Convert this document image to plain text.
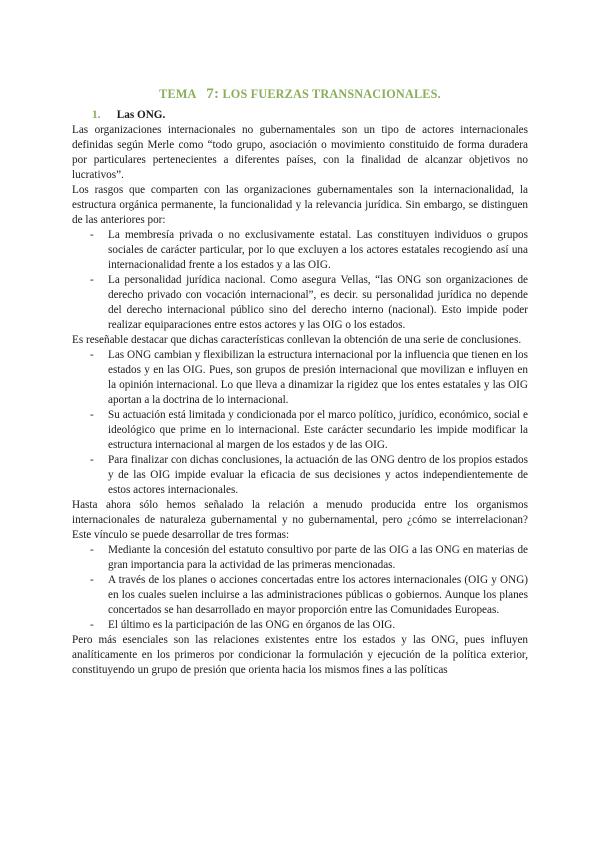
TEMA 7: LOS FUERZAS TRANSNACIONALES.
1. Las ONG.

Las organizaciones internacionales no gubernamentales son un tipo de actores internacionales definidas según Merle como “todo grupo, asociación o movimiento constituido de forma duradera por particulares pertenecientes a diferentes países, con la finalidad de alcanzar objetivos no lucrativos”.

Los rasgos que comparten con las organizaciones gubernamentales son la internacionalidad, la estructura orgánica permanente, la funcionalidad y la relevancia jurídica. Sin embargo, se distinguen de las anteriores por:

- La membresía privada o no exclusivamente estatal. Las constituyen individuos o grupos sociales de carácter particular, por lo que excluyen a los actores estatales recogiendo así una internacionalidad frente a los estados y a las OIG.
- La personalidad jurídica nacional. Como asegura Vellas, “las ONG son organizaciones de derecho privado con vocación internacional”, es decir. su personalidad jurídica no depende del derecho internacional público sino del derecho interno (nacional). Esto impide poder realizar equiparaciones entre estos actores y las OIG o los estados.

Es reseñable destacar que dichas características conllevan la obtención de una serie de conclusiones.

- Las ONG cambian y flexibilizan la estructura internacional por la influencia que tienen en los estados y en las OIG. Pues, son grupos de presión internacional que movilizan e influyen en la opinión internacional. Lo que lleva a dinamizar la rigidez que los entes estatales y las OIG aportan a la doctrina de lo internacional.
- Su actuación está limitada y condicionada por el marco político, jurídico, económico, social e ideológico que prime en lo internacional. Este carácter secundario les impide modificar la estructura internacional al margen de los estados y de las OIG.
- Para finalizar con dichas conclusiones, la actuación de las ONG dentro de los propios estados y de las OIG impide evaluar la eficacia de sus decisiones y actos independientemente de estos actores internacionales.

Hasta ahora sólo hemos señalado la relación a menudo producida entre los organismos internacionales de naturaleza gubernamental y no gubernamental, pero ¿cómo se interrelacionan? Este vínculo se puede desarrollar de tres formas:

- Mediante la concesión del estatuto consultivo por parte de las OIG a las ONG en materias de gran importancia para la actividad de las primeras mencionadas.
- A través de los planes o acciones concertadas entre los actores internacionales (OIG y ONG) en los cuales suelen incluirse a las administraciones públicas o gobiernos. Aunque los planes concertados se han desarrollado en mayor proporción entre las Comunidades Europeas.
- El último es la participación de las ONG en órganos de las OIG.

Pero más esenciales son las relaciones existentes entre los estados y las ONG, pues influyen analíticamente en los primeros por condicionar la formulación y ejecución de la política exterior, constituyendo un grupo de presión que orienta hacia los mismos fines a las políticas
